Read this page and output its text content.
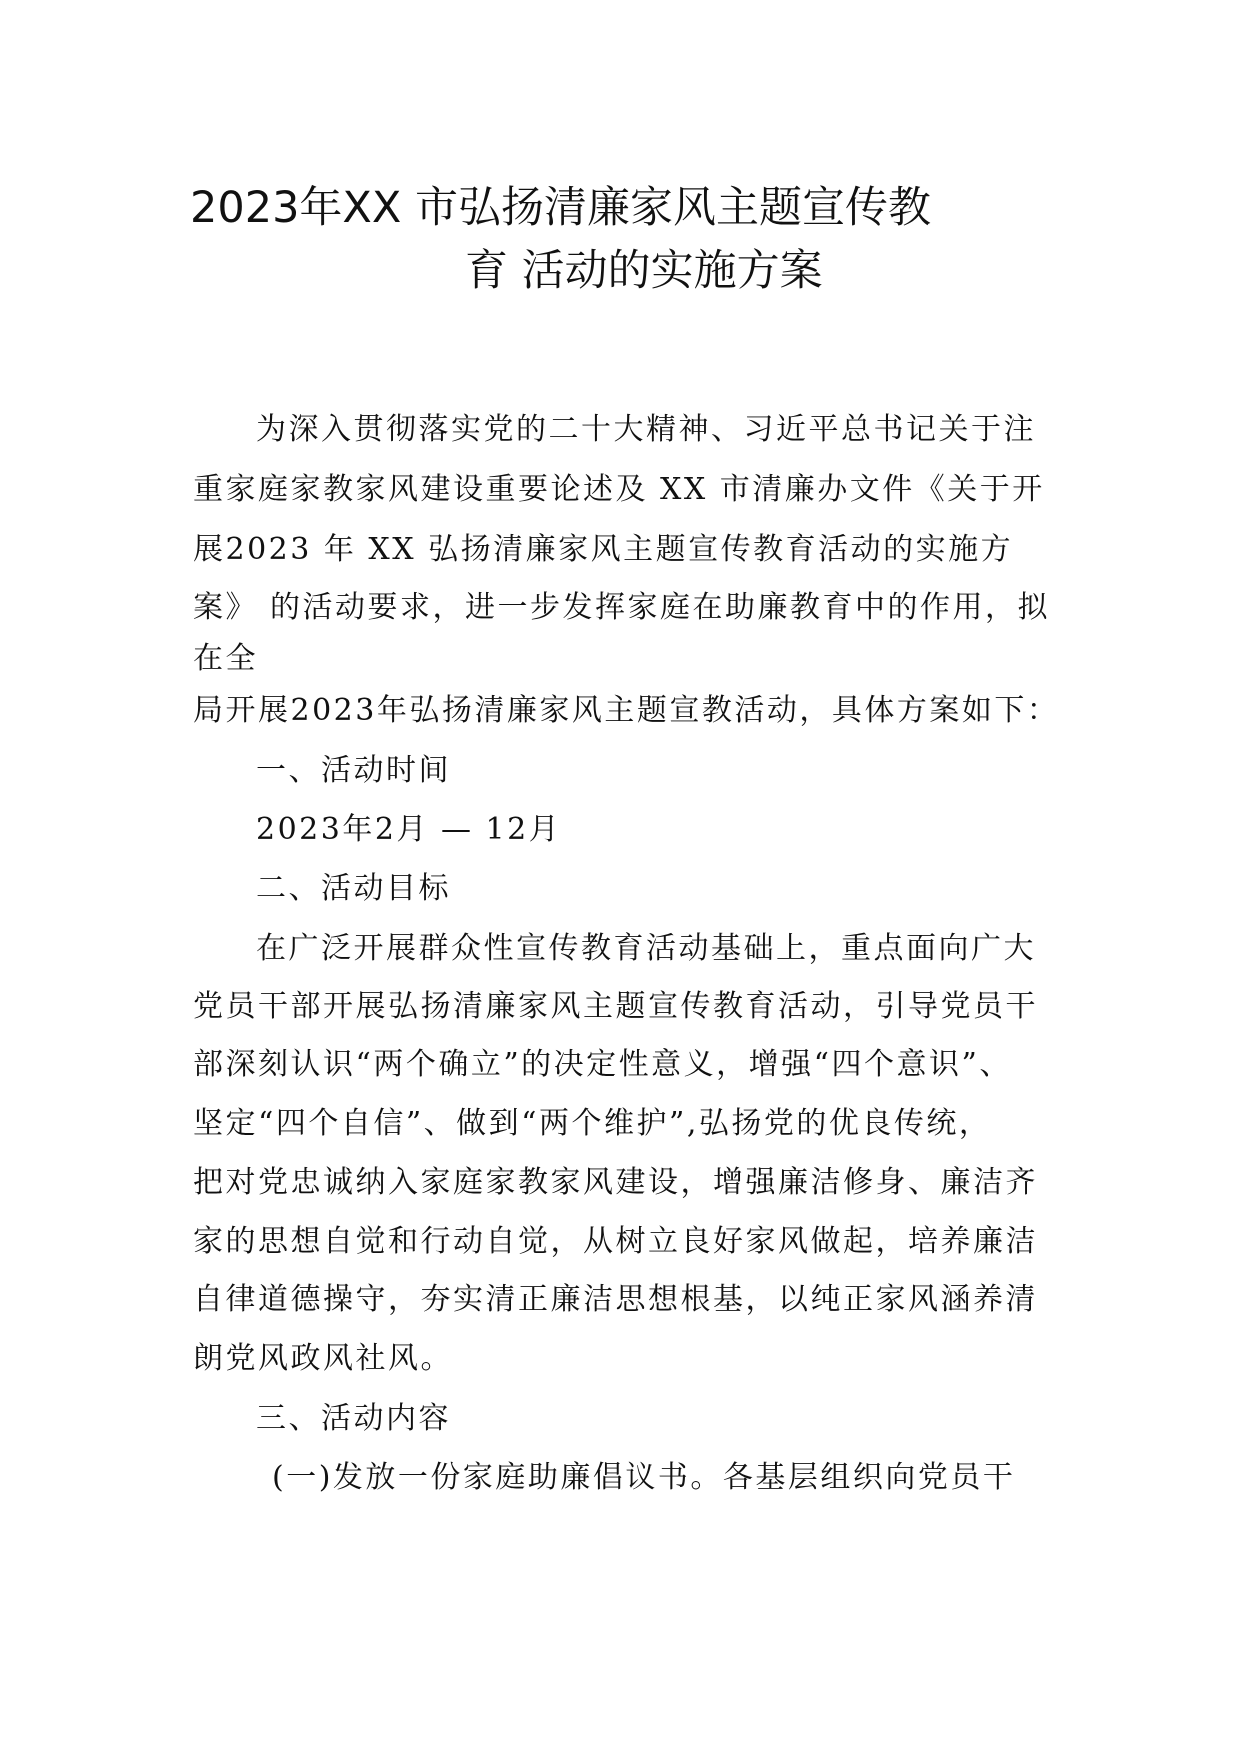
2023年XX 市弘扬清廉家风主题宣传教
育 活动的实施方案
为深入贯彻落实党的二十大精神、习近平总书记关于注
重家庭家教家风建设重要论述及 XX 市清廉办文件《关于开
展2023 年 XX 弘扬清廉家风主题宣传教育活动的实施方
案》 的活动要求，进一步发挥家庭在助廉教育中的作用，拟
在全
局开展2023年弘扬清廉家风主题宣教活动，具体方案如下：
一、活动时间
2023年2月 — 12月
二、活动目标
在广泛开展群众性宣传教育活动基础上，重点面向广大
党员干部开展弘扬清廉家风主题宣传教育活动，引导党员干
部深刻认识“两个确立”的决定性意义，增强“四个意识”、
坚定“四个自信”、做到“两个维护”,弘扬党的优良传统，
把对党忠诚纳入家庭家教家风建设，增强廉洁修身、廉洁齐
家的思想自觉和行动自觉，从树立良好家风做起，培养廉洁
自律道德操守，夯实清正廉洁思想根基，以纯正家风涵养清
朗党风政风社风。
三、活动内容
(一)发放一份家庭助廉倡议书。各基层组织向党员干
